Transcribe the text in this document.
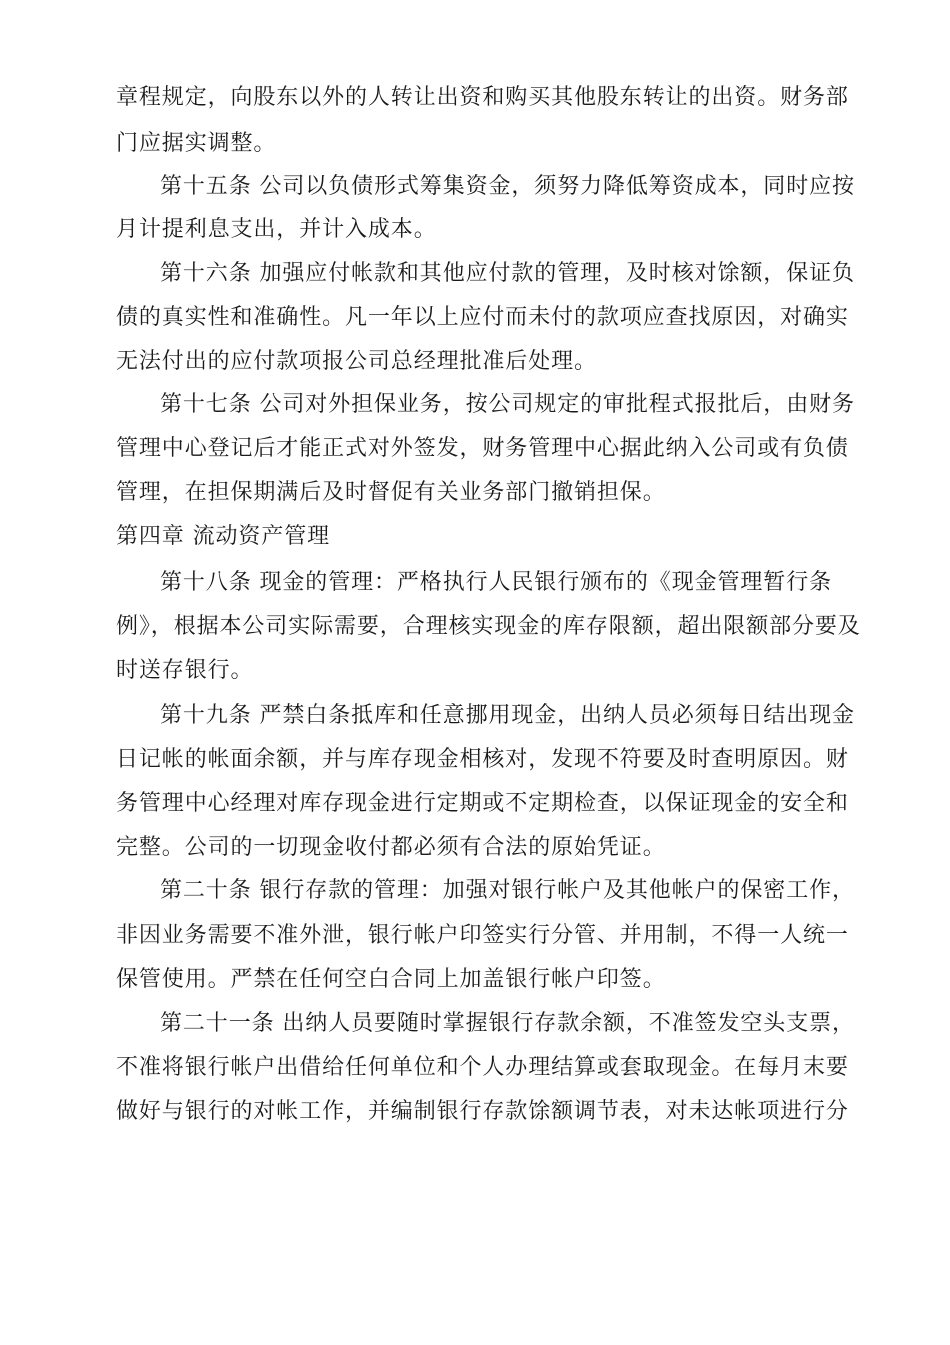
章程规定，向股东以外的人转让出资和购买其他股东转让的出资。财务部
门应据实调整。
第十五条 公司以负债形式筹集资金，须努力降低筹资成本，同时应按
月计提利息支出，并计入成本。
第十六条 加强应付帐款和其他应付款的管理，及时核对馀额，保证负
债的真实性和准确性。凡一年以上应付而未付的款项应查找原因，对确实
无法付出的应付款项报公司总经理批准后处理。
第十七条 公司对外担保业务，按公司规定的审批程式报批后，由财务
管理中心登记后才能正式对外签发，财务管理中心据此纳入公司或有负债
管理，在担保期满后及时督促有关业务部门撤销担保。
第四章 流动资产管理
第十八条 现金的管理：严格执行人民银行颁布的《现金管理暂行条
例》，根据本公司实际需要，合理核实现金的库存限额，超出限额部分要及
时送存银行。
第十九条 严禁白条抵库和任意挪用现金，出纳人员必须每日结出现金
日记帐的帐面余额，并与库存现金相核对，发现不符要及时查明原因。财
务管理中心经理对库存现金进行定期或不定期检查，以保证现金的安全和
完整。公司的一切现金收付都必须有合法的原始凭证。
第二十条 银行存款的管理：加强对银行帐户及其他帐户的保密工作，
非因业务需要不准外泄，银行帐户印签实行分管、并用制，不得一人统一
保管使用。严禁在任何空白合同上加盖银行帐户印签。
第二十一条 出纳人员要随时掌握银行存款余额，不准签发空头支票，
不准将银行帐户出借给任何单位和个人办理结算或套取现金。在每月末要
做好与银行的对帐工作，并编制银行存款馀额调节表，对未达帐项进行分
